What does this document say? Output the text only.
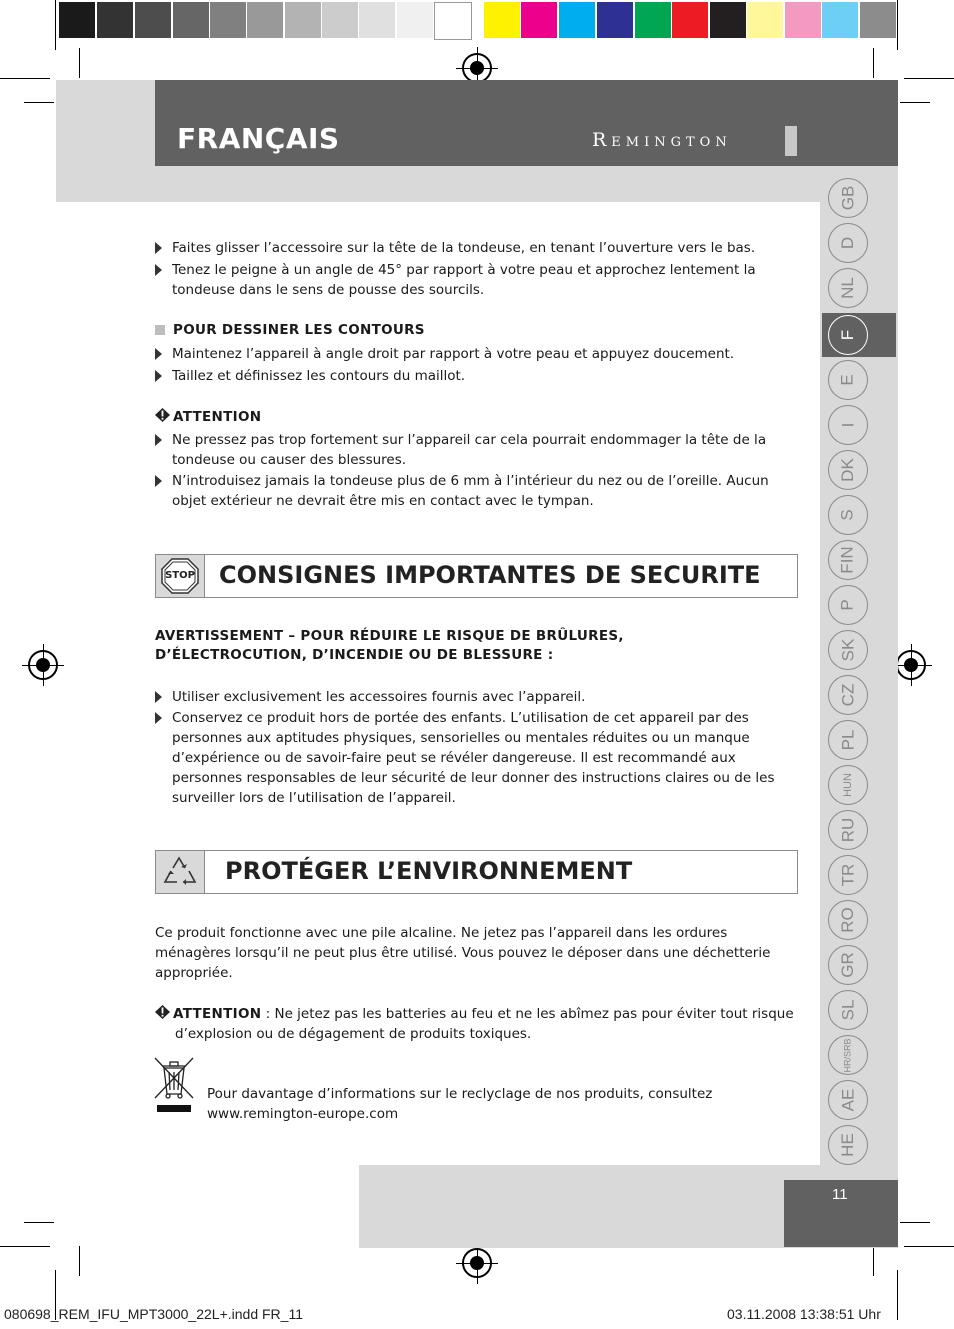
FRANÇAIS	Remington
GB
D
NL
F
E
I
DK
S
FIN
P
SK
CZ
PL
HUN
RU
TR
RO
GR
SL
HR/SRB
AE
HE
Faites glisser l’accessoire sur la tête de la tondeuse, en tenant l’ouverture vers le bas.
Tenez le peigne à un angle de 45° par rapport à votre peau et approchez lentement la tondeuse dans le sens de pousse des sourcils.
POUR DESSINER LES CONTOURS
Maintenez l’appareil à angle droit par rapport à votre peau et appuyez doucement.
Taillez et définissez les contours du maillot.
ATTENTION
Ne pressez pas trop fortement sur l’appareil car cela pourrait endommager la tête de la tondeuse ou causer des blessures.
N’introduisez jamais la tondeuse plus de 6 mm à l’intérieur du nez ou de l’oreille. Aucun objet extérieur ne devrait être mis en contact avec le tympan.
STOP CONSIGNES IMPORTANTES DE SECURITE
AVERTISSEMENT – POUR RÉDUIRE LE RISQUE DE BRÛLURES,
D’ÉLECTROCUTION, D’INCENDIE OU DE BLESSURE :
Utiliser exclusivement les accessoires fournis avec l’appareil.
Conservez ce produit hors de portée des enfants. L’utilisation de cet appareil par des personnes aux aptitudes physiques, sensorielles ou mentales réduites ou un manque d’expérience ou de savoir-faire peut se révéler dangereuse. Il est recommandé aux personnes responsables de leur sécurité de leur donner des instructions claires ou de les surveiller lors de l’utilisation de l’appareil.
PROTÉGER L’ENVIRONNEMENT
Ce produit fonctionne avec une pile alcaline. Ne jetez pas l’appareil dans les ordures ménagères lorsqu’il ne peut plus être utilisé. Vous pouvez le déposer dans une déchetterie appropriée.
ATTENTION : Ne jetez pas les batteries au feu et ne les abîmez pas pour éviter tout risque d’explosion ou de dégagement de produits toxiques.
Pour davantage d’informations sur le reclyclage de nos produits, consultez
www.remington-europe.com
11
080698_REM_IFU_MPT3000_22L+.indd FR_11	03.11.2008 13:38:51 Uhr
